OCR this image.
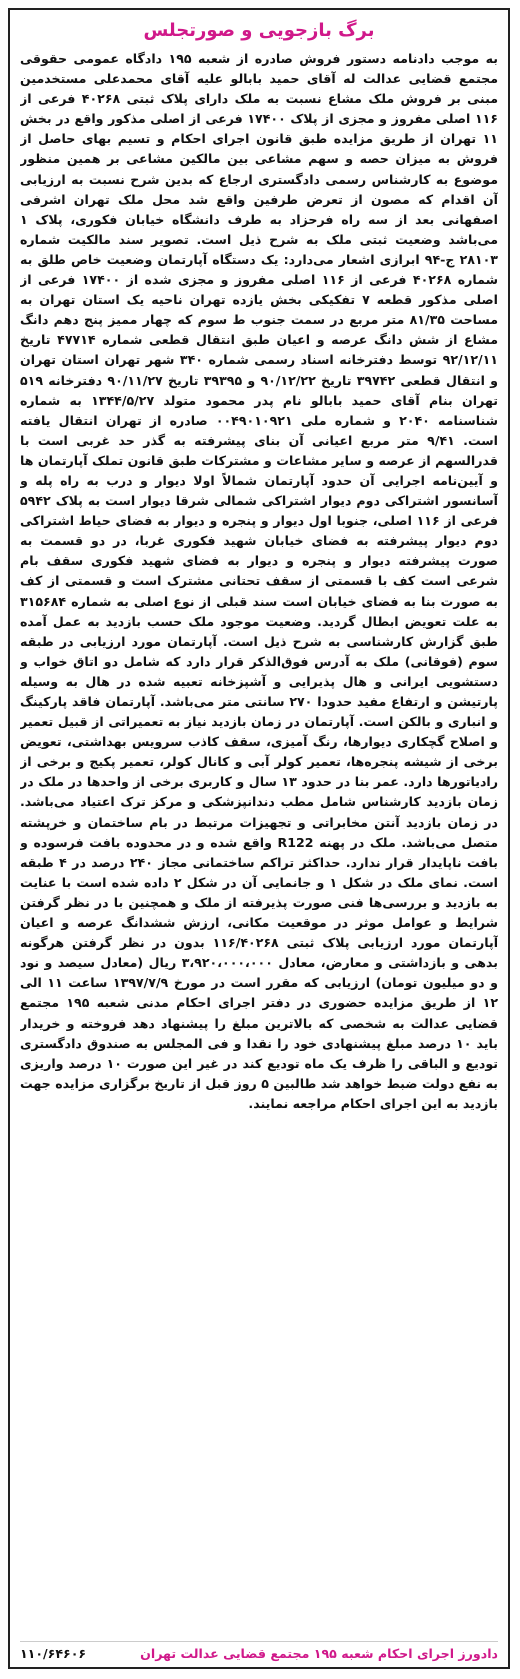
برگ بازجویی و صورتجلس
به موجب دادنامه دستور فروش صادره از شعبه ۱۹۵ دادگاه عمومی حقوقی مجتمع قضایی عدالت له آقای حمید بابالو علیه آقای محمدعلی مستخدمین مبنی بر فروش ملک مشاع نسبت به ملک دارای پلاک ثبتی ۴۰۲۶۸ فرعی از ۱۱۶ اصلی مفروز و مجزی از پلاک ۱۷۴۰۰ فرعی از اصلی مذکور واقع در بخش ۱۱ تهران از طریق مزایده طبق قانون اجرای احکام و تسیم بهای حاصل از فروش به میزان حصه و سهم مشاعی بین مالکین مشاعی بر همین منظور موضوع به کارشناس رسمی دادگستری ارجاع که بدین شرح نسبت به ارزیابی آن اقدام که مصون از تعرض طرفین واقع شد محل ملک تهران اشرفی اصفهانی بعد از سه راه فرحزاد به طرف دانشگاه خیابان فکوری، پلاک ۱ می‌باشد وضعیت ثبتی ملک به شرح ذیل است. تصویر سند مالکیت شماره ۲۸۱۰۳ ج-۹۴ ابرازی اشعار می‌دارد: یک دستگاه آپارتمان وضعیت خاص طلق به شماره ۴۰۲۶۸ فرعی از ۱۱۶ اصلی مفروز و مجزی شده از ۱۷۴۰۰ فرعی از اصلی مذکور قطعه ۷ تفکیکی بخش یازده تهران ناحیه یک استان تهران به مساحت ۸۱/۳۵ متر مربع در سمت جنوب ط سوم که چهار ممیز پنج دهم دانگ مشاع از شش دانگ عرصه و اعیان طبق انتقال قطعی شماره ۴۷۷۱۴ تاریخ ۹۲/۱۲/۱۱ توسط دفترخانه اسناد رسمی شماره ۳۴۰ شهر تهران استان تهران و انتقال قطعی ۳۹۷۴۲ تاریخ ۹۰/۱۲/۲۲ و ۳۹۳۹۵ تاریخ ۹۰/۱۱/۲۷ دفترخانه ۵۱۹ تهران بنام آقای حمید بابالو نام پدر محمود متولد ۱۳۴۴/۵/۲۷ به شماره شناسنامه ۲۰۴۰ و شماره ملی ۰۰۴۹۰۱۰۹۲۱ صادره از تهران انتقال یافته است. ۹/۴۱ متر مربع اعیانی آن بنای پیشرفته به گذر حد غربی است با قدرالسهم از عرصه و سایر مشاعات و مشترکات طبق قانون تملک آپارتمان ها و آیین‌نامه اجرایی آن حدود آپارتمان شمالاً اولا دیوار و درب به راه پله و آسانسور اشتراکی دوم دیوار اشتراکی شمالی شرقا دیوار است به پلاک ۵۹۴۲ فرعی از ۱۱۶ اصلی، جنوبا اول دیوار و پنجره و دیوار به فضای حیاط اشتراکی دوم دیوار پیشرفته به فضای خیابان شهید فکوری غربا، در دو قسمت به صورت پیشرفته دیوار و پنجره و دیوار به فضای شهید فکوری سقف بام شرعی است کف با قسمتی از سقف تحتانی مشترک است و قسمتی از کف به صورت بنا به فضای خیابان است سند قبلی از نوع اصلی به شماره ۳۱۵۶۸۴ به علت تعویض ابطال گردید. وضعیت موجود ملک حسب بازدید به عمل آمده طبق گزارش کارشناسی به شرح ذیل است. آپارتمان مورد ارزیابی در طبقه سوم (فوقانی) ملک به آدرس فوق‌الذکر قرار دارد که شامل دو اتاق خواب و دستشویی ایرانی و هال پذیرایی و آشپزخانه تعبیه شده در هال به وسیله پارتیشن و ارتفاع مفید حدودا ۲۷۰ سانتی متر می‌باشد. آپارتمان فاقد پارکینگ و انباری و بالکن است. آپارتمان در زمان بازدید نیاز به تعمیراتی از قبیل تعمیر و اصلاح گچکاری دیوارها، رنگ آمیزی، سقف کاذب سرویس بهداشتی، تعویض برخی از شیشه پنجره‌ها، تعمیر کولر آبی و کانال کولر، تعمیر پکیج و برخی از رادیاتورها دارد. عمر بنا در حدود ۱۳ سال و کاربری برخی از واحدها در ملک در زمان بازدید کارشناس شامل مطب دندانپزشکی و مرکز ترک اعتیاد می‌باشد. در زمان بازدید آنتن مخابراتی و تجهیزات مرتبط در بام ساختمان و خرپشته متصل می‌باشد. ملک در پهنه R122 واقع شده و در محدوده بافت فرسوده و بافت ناپایدار قرار ندارد. حداکثر تراکم ساختمانی مجاز ۲۴۰ درصد در ۴ طبقه است. نمای ملک در شکل ۱ و جانمایی آن در شکل ۲ داده شده است با عنایت به بازدید و بررسی‌ها فنی صورت پذیرفته از ملک و همچنین با در نظر گرفتن شرایط و عوامل موثر در موقعیت مکانی، ارزش ششدانگ عرصه و اعیان آپارتمان مورد ارزیابی پلاک ثبتی ۱۱۶/۴۰۲۶۸ بدون در نظر گرفتن هرگونه بدهی و بازداشتی و معارض، معادل ۳،۹۲۰،۰۰۰،۰۰۰ ریال (معادل سیصد و نود و دو میلیون تومان) ارزیابی که مقرر است در مورخ ۱۳۹۷/۷/۹ ساعت ۱۱ الی ۱۲ از طریق مزایده حضوری در دفتر اجرای احکام مدنی شعبه ۱۹۵ مجتمع قضایی عدالت به شخصی که بالاترین مبلغ را پیشنهاد دهد فروخته و خریدار باید ۱۰ درصد مبلغ پیشنهادی خود را نقدا و فی المجلس به صندوق دادگستری تودیع و الباقی را ظرف یک ماه تودیع کند در غیر این صورت ۱۰ درصد واریزی به نفع دولت ضبط خواهد شد طالبین ۵ روز قبل از تاریخ برگزاری مزایده جهت بازدید به این اجرای احکام مراجعه نمایند.
دادورز اجرای احکام شعبه ۱۹۵ مجتمع قضایی عدالت تهران
۱۱۰/۶۴۶۰۶
